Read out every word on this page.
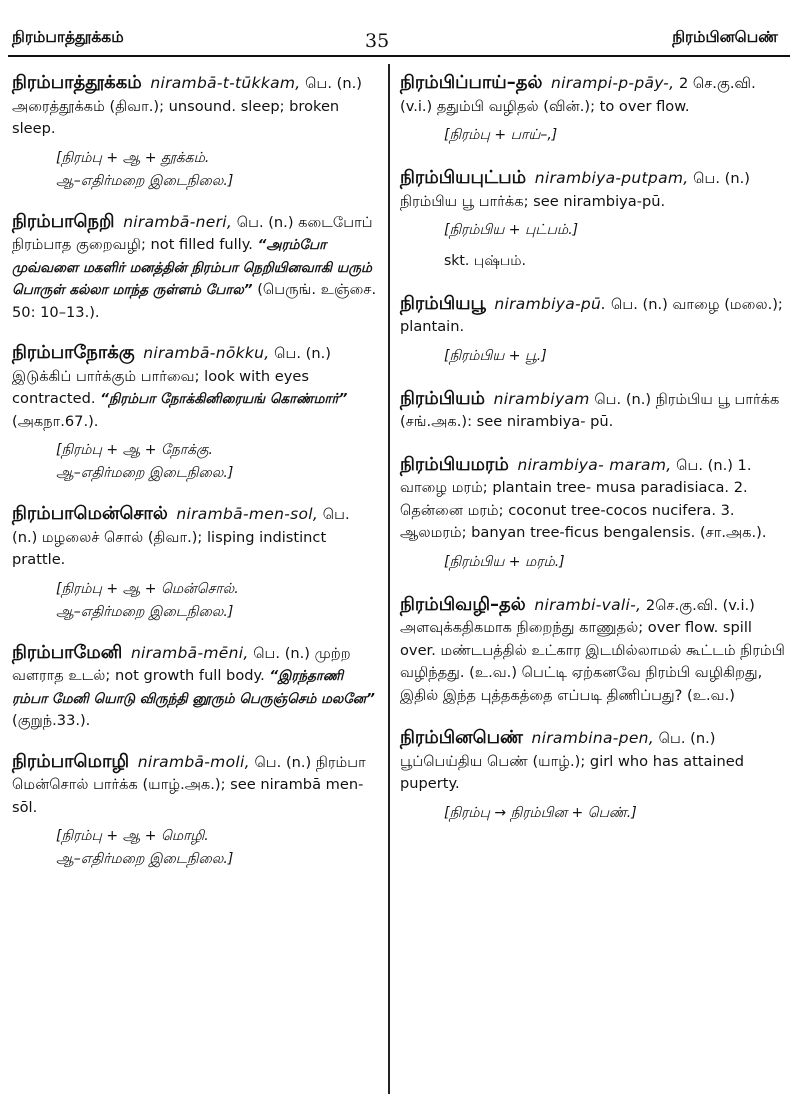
நிரம்பாத்தூக்கம்	35	நிரம்பினபெண்
நிரம்பாத்தூக்கம் nirambā-t-tūkkam, பெ. (n.) அரைத்தூக்கம் (திவா.); unsound. sleep; broken sleep.
[நிரம்பு + ஆ + தூக்கம்.
ஆ–எதிர்மறை இடைநிலை.]
நிரம்பாநெறி nirambā-neri, பெ. (n.) கடைபோப் நிரம்பாத குறைவழி; not filled fully. “அரம்போ முவ்வளை மகளிர் மனத்தின் நிரம்பா நெறியினவாகி யரும் பொருள் கல்லா மாந்த ருள்ளம் போல” (பெருங். உஞ்சை. 50: 10–13.).
நிரம்பாநோக்கு nirambā-nōkku, பெ. (n.) இடுக்கிப் பார்க்கும் பார்வை; look with eyes contracted. “நிரம்பா நோக்கினிரையங் கொண்மார்” (அகநா.67.).
[நிரம்பு + ஆ + நோக்கு.
ஆ–எதிர்மறை இடைநிலை.]
நிரம்பாமென்சொல் nirambā-men-sol, பெ. (n.) மழலைச் சொல் (திவா.); lisping indistinct prattle.
[நிரம்பு + ஆ + மென்சொல்.
ஆ–எதிர்மறை இடைநிலை.]
நிரம்பாமேனி nirambā-mēni, பெ. (n.) முற்ற வளராத உடல்; not growth full body. “இரந்தாணி ரம்பா மேனி யொடு விருந்தி னூரும் பெருஞ்செம் மலனே” (குறுந்.33.).
நிரம்பாமொழி nirambā-moli, பெ. (n.) நிரம்பா மென்சொல் பார்க்க (யாழ்.அக.); see nirambā men-sōl.
[நிரம்பு + ஆ + மொழி.
ஆ–எதிர்மறை இடைநிலை.]
நிரம்பிப்பாய்–தல் nirampi-p-pāy-, 2 செ.கு.வி. (v.i.) ததும்பி வழிதல் (வின்.); to over flow.
[நிரம்பு + பாய்–,]
நிரம்பியபுட்பம் nirambiya-putpam, பெ. (n.) நிரம்பிய பூ பார்க்க; see nirambiya-pū.
[நிரம்பிய + புட்பம்.]
skt. புஷ்பம்.
நிரம்பியபூ nirambiya-pū. பெ. (n.) வாழை (மலை.); plantain.
[நிரம்பிய + பூ.]
நிரம்பியம் nirambiyam பெ. (n.) நிரம்பிய பூ பார்க்க (சங்.அக.): see nirambiya- pū.
நிரம்பியமரம் nirambiya- maram, பெ. (n.) 1. வாழை மரம்; plantain tree- musa paradisiaca. 2. தென்னை மரம்; coconut tree-cocos nucifera. 3. ஆலமரம்; banyan tree-ficus bengalensis. (சா.அக.).
[நிரம்பிய + மரம்.]
நிரம்பிவழி–தல் nirambi-vali-, 2செ.கு.வி. (v.i.) அளவுக்கதிகமாக நிறைந்து காணுதல்; over flow. spill over. மண்டபத்தில் உட்கார இடமில்லாமல் கூட்டம் நிரம்பி வழிந்தது. (உ.வ.) பெட்டி ஏற்கனவே நிரம்பி வழிகிறது, இதில் இந்த புத்தகத்தை எப்படி திணிப்பது? (உ.வ.)
நிரம்பினபெண் nirambina-pen, பெ. (n.) பூப்பெய்திய பெண் (யாழ்.); girl who has attained puperty.
[நிரம்பு → நிரம்பின + பெண்.]
